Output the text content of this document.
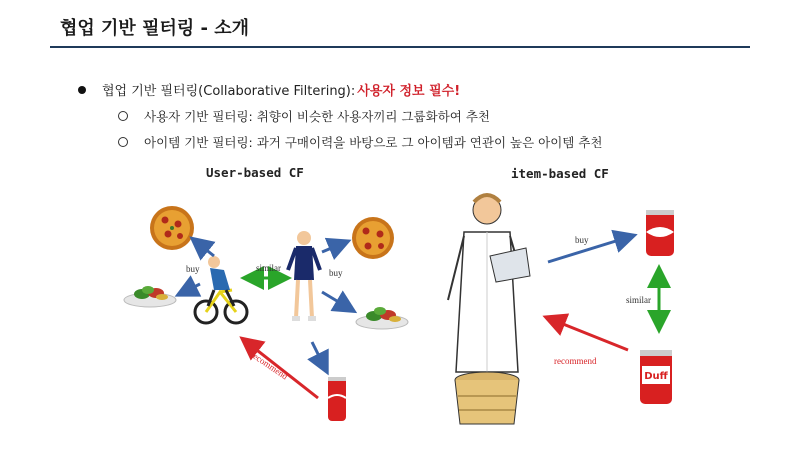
협업 기반 필터링 - 소개
협업 기반 필터링(Collaborative Filtering): 사용자 정보 필수!
사용자 기반 필터링: 취향이 비슷한 사용자끼리 그룹화하여 추천
아이템 기반 필터링: 과거 구매이력을 바탕으로 그 아이템과 연관이 높은 아이템 추천
User-based CF	item-based CF
buy	similar	buy
recommend	Duff
buy
similar
recommend
